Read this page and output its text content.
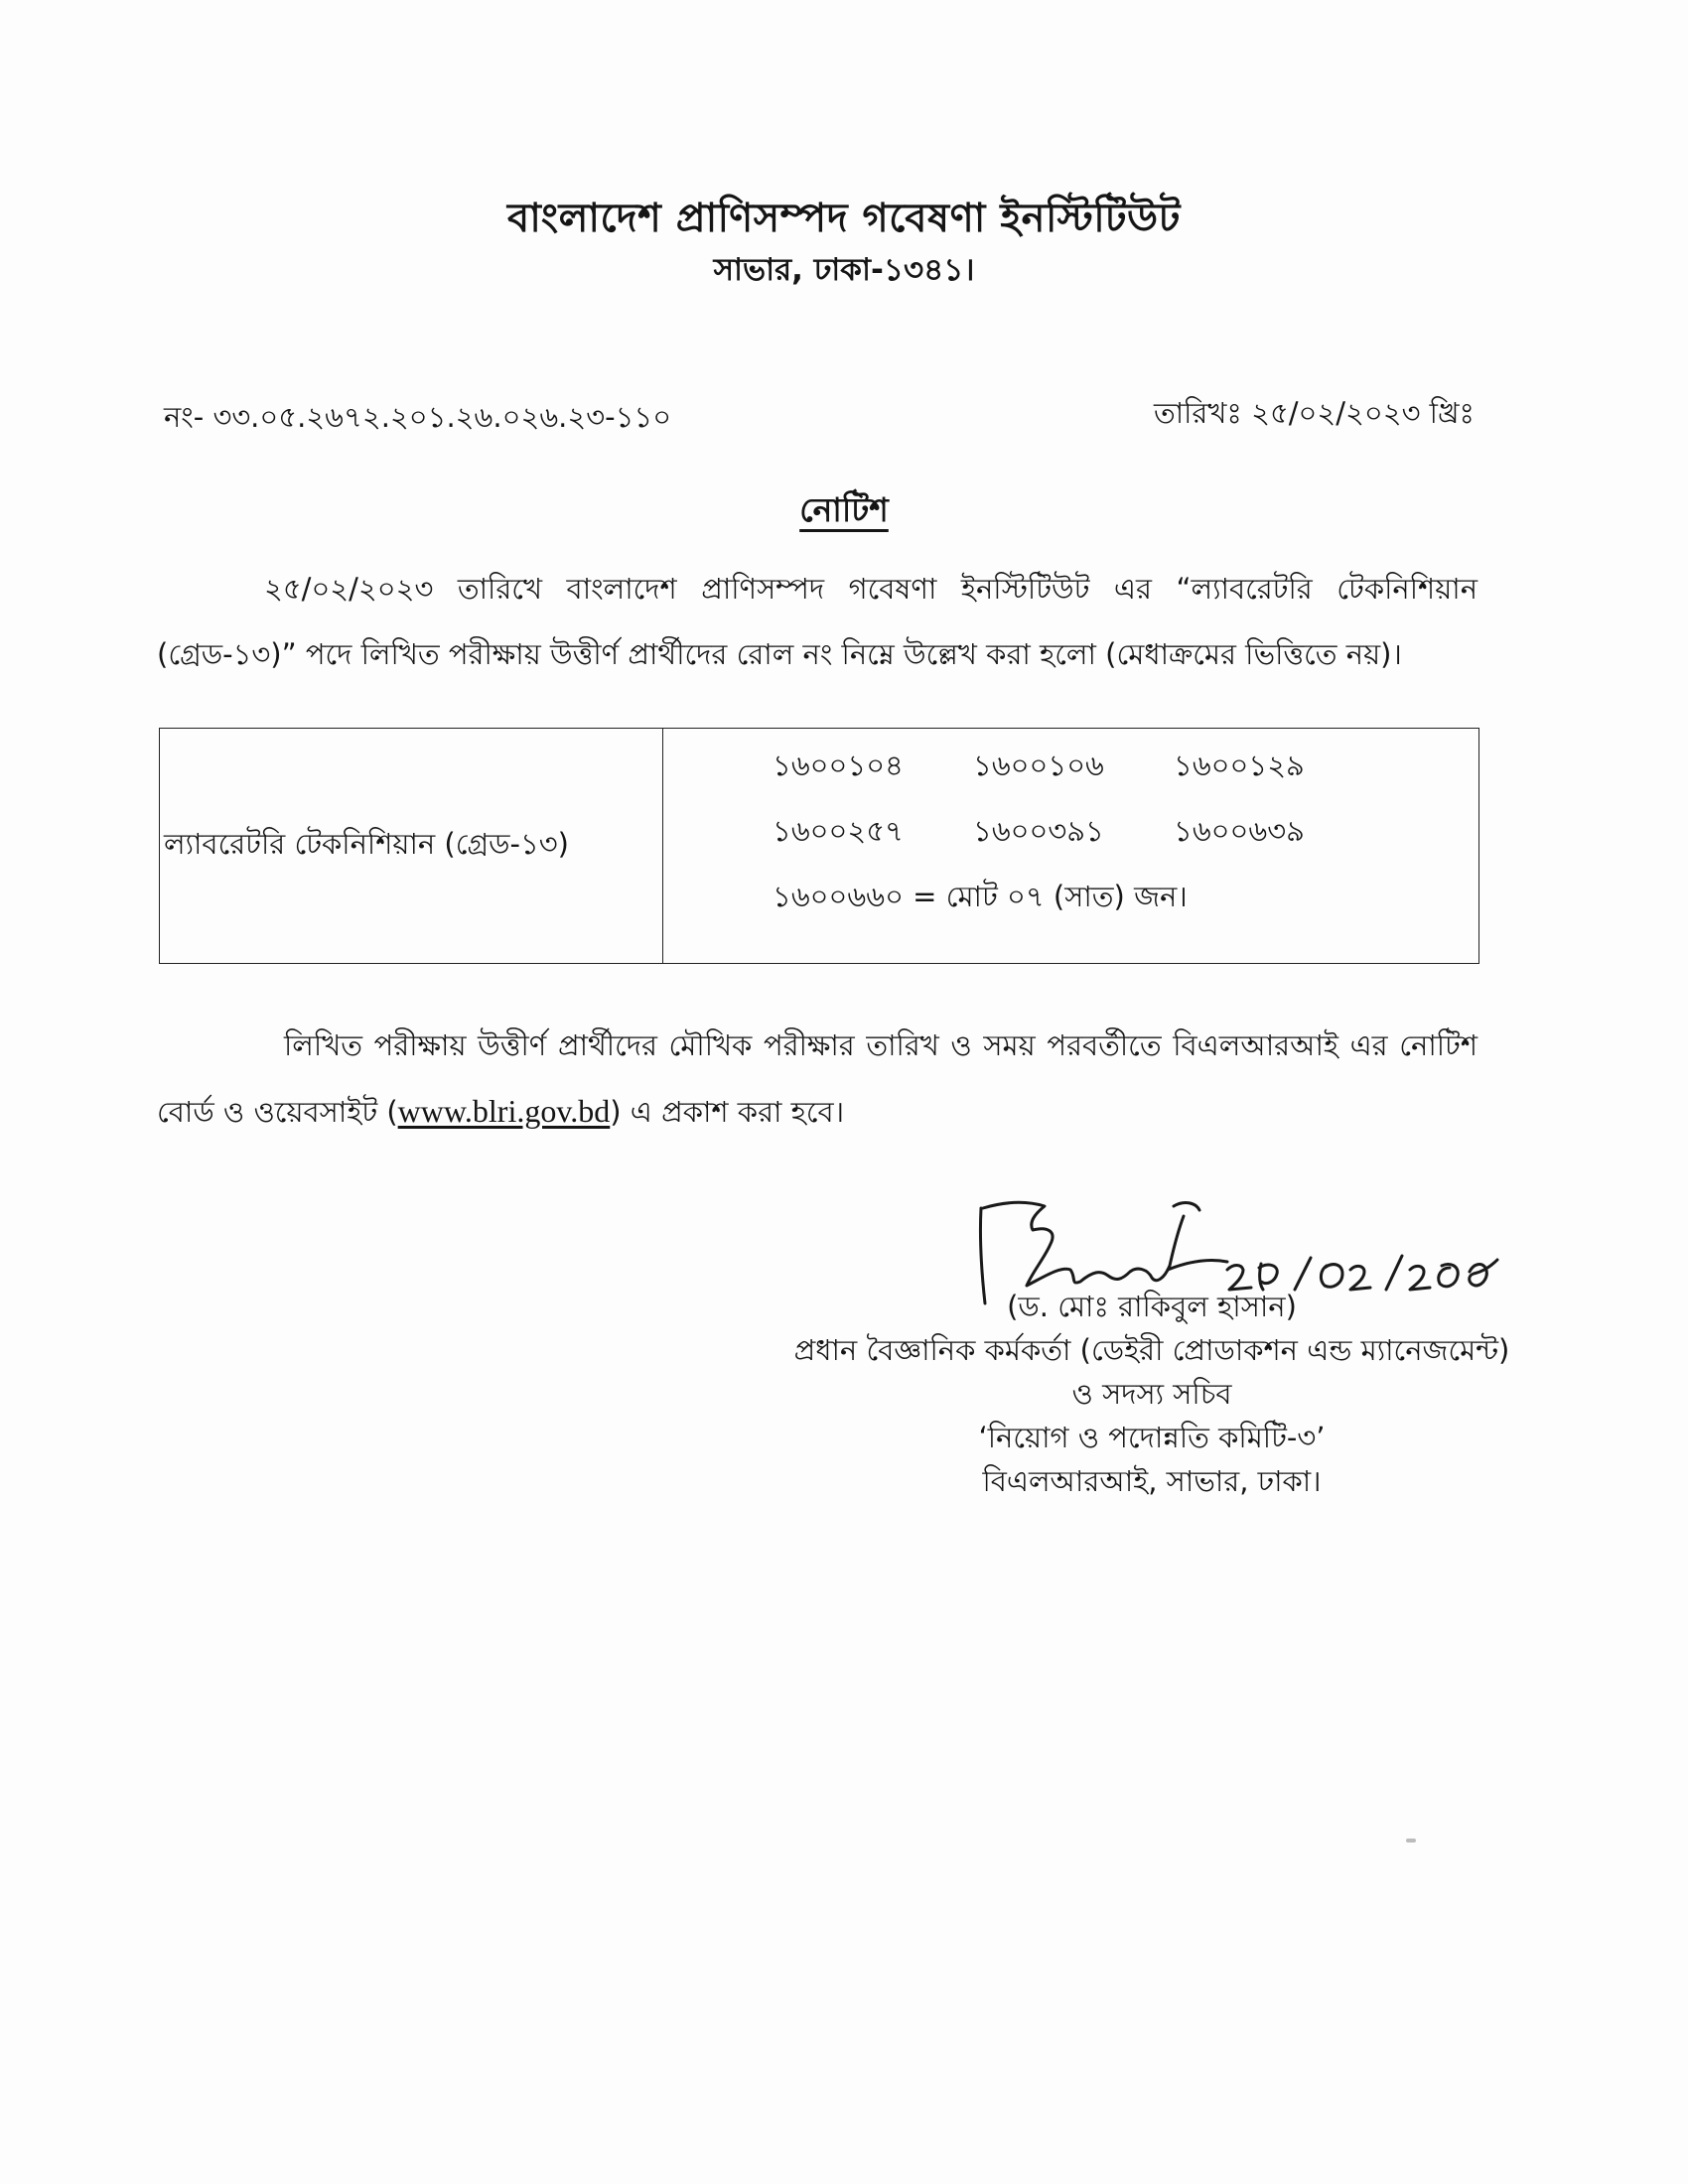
বাংলাদেশ প্রাণিসম্পদ গবেষণা ইনস্টিটিউট
সাভার, ঢাকা-১৩৪১।
নং- ৩৩.০৫.২৬৭২.২০১.২৬.০২৬.২৩-১১০	তারিখঃ ২৫/০২/২০২৩ খ্রিঃ
নোটিশ
২৫/০২/২০২৩ তারিখে বাংলাদেশ প্রাণিসম্পদ গবেষণা ইনস্টিটিউট এর “ল্যাবরেটরি টেকনিশিয়ান (গ্রেড-১৩)” পদে লিখিত পরীক্ষায় উত্তীর্ণ প্রার্থীদের রোল নং নিম্নে উল্লেখ করা হলো (মেধাক্রমের ভিত্তিতে নয়)।
ল্যাবরেটরি টেকনিশিয়ান (গ্রেড-১৩)	
১৬০০১০৪ ১৬০০১০৬ ১৬০০১২৯
১৬০০২৫৭ ১৬০০৩৯১ ১৬০০৬৩৯
১৬০০৬৬০ = মোট ০৭ (সাত) জন।
লিখিত পরীক্ষায় উত্তীর্ণ প্রার্থীদের মৌখিক পরীক্ষার তারিখ ও সময় পরবর্তীতে বিএলআরআই এর নোটিশ বোর্ড ও ওয়েবসাইট (www.blri.gov.bd) এ প্রকাশ করা হবে।
(ড. মোঃ রাকিবুল হাসান)
প্রধান বৈজ্ঞানিক কর্মকর্তা (ডেইরী প্রোডাকশন এন্ড ম্যানেজমেন্ট)
ও সদস্য সচিব
‘নিয়োগ ও পদোন্নতি কমিটি-৩’
বিএলআরআই, সাভার, ঢাকা।
